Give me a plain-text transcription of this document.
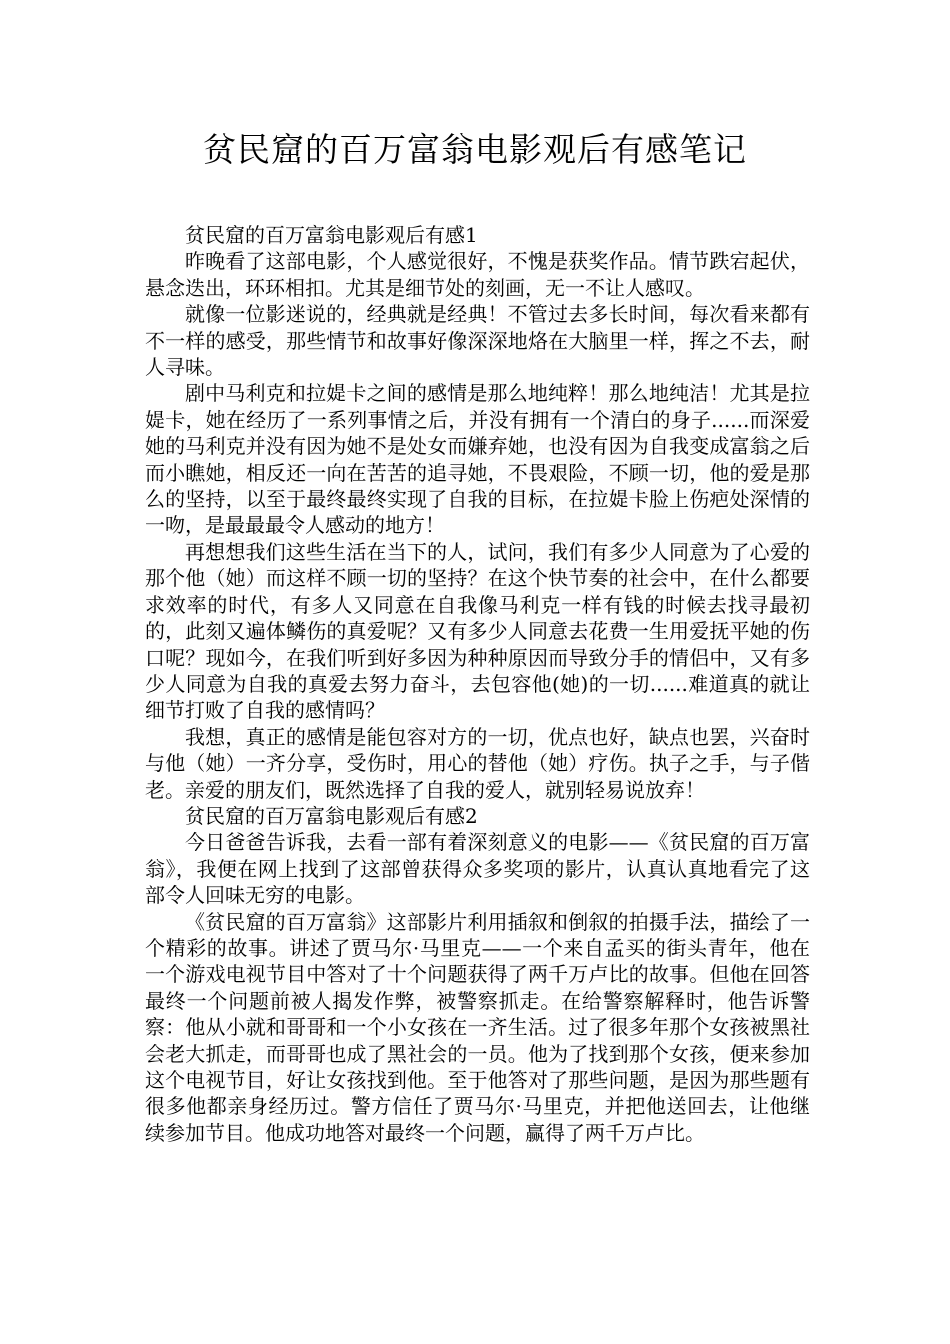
贫民窟的百万富翁电影观后有感笔记

贫民窟的百万富翁电影观后有感1

昨晚看了这部电影，个人感觉很好，不愧是获奖作品。情节跌宕起伏，悬念迭出，环环相扣。尤其是细节处的刻画，无一不让人感叹。

就像一位影迷说的，经典就是经典！不管过去多长时间，每次看来都有不一样的感受，那些情节和故事好像深深地烙在大脑里一样，挥之不去，耐人寻味。

剧中马利克和拉媞卡之间的感情是那么地纯粹！那么地纯洁！尤其是拉媞卡，她在经历了一系列事情之后，并没有拥有一个清白的身子......而深爱她的马利克并没有因为她不是处女而嫌弃她，也没有因为自我变成富翁之后而小瞧她，相反还一向在苦苦的追寻她，不畏艰险，不顾一切，他的爱是那么的坚持，以至于最终最终实现了自我的目标，在拉媞卡脸上伤疤处深情的一吻，是最最最令人感动的地方！

再想想我们这些生活在当下的人，试问，我们有多少人同意为了心爱的那个他（她）而这样不顾一切的坚持？在这个快节奏的社会中，在什么都要求效率的时代，有多人又同意在自我像马利克一样有钱的时候去找寻最初的，此刻又遍体鳞伤的真爱呢？又有多少人同意去花费一生用爱抚平她的伤口呢？现如今，在我们听到好多因为种种原因而导致分手的情侣中，又有多少人同意为自我的真爱去努力奋斗，去包容他(她)的一切......难道真的就让细节打败了自我的感情吗？

我想，真正的感情是能包容对方的一切，优点也好，缺点也罢，兴奋时与他（她）一齐分享，受伤时，用心的替他（她）疗伤。执子之手，与子偕老。亲爱的朋友们，既然选择了自我的爱人，就别轻易说放弃！

贫民窟的百万富翁电影观后有感2

今日爸爸告诉我，去看一部有着深刻意义的电影——《贫民窟的百万富翁》，我便在网上找到了这部曾获得众多奖项的影片，认真认真地看完了这部令人回味无穷的电影。

《贫民窟的百万富翁》这部影片利用插叙和倒叙的拍摄手法，描绘了一个精彩的故事。讲述了贾马尔·马里克——一个来自孟买的街头青年，他在一个游戏电视节目中答对了十个问题获得了两千万卢比的故事。但他在回答最终一个问题前被人揭发作弊，被警察抓走。在给警察解释时，他告诉警察：他从小就和哥哥和一个小女孩在一齐生活。过了很多年那个女孩被黑社会老大抓走，而哥哥也成了黑社会的一员。他为了找到那个女孩，便来参加这个电视节目，好让女孩找到他。至于他答对了那些问题，是因为那些题有很多他都亲身经历过。警方信任了贾马尔·马里克，并把他送回去，让他继续参加节目。他成功地答对最终一个问题，赢得了两千万卢比。
